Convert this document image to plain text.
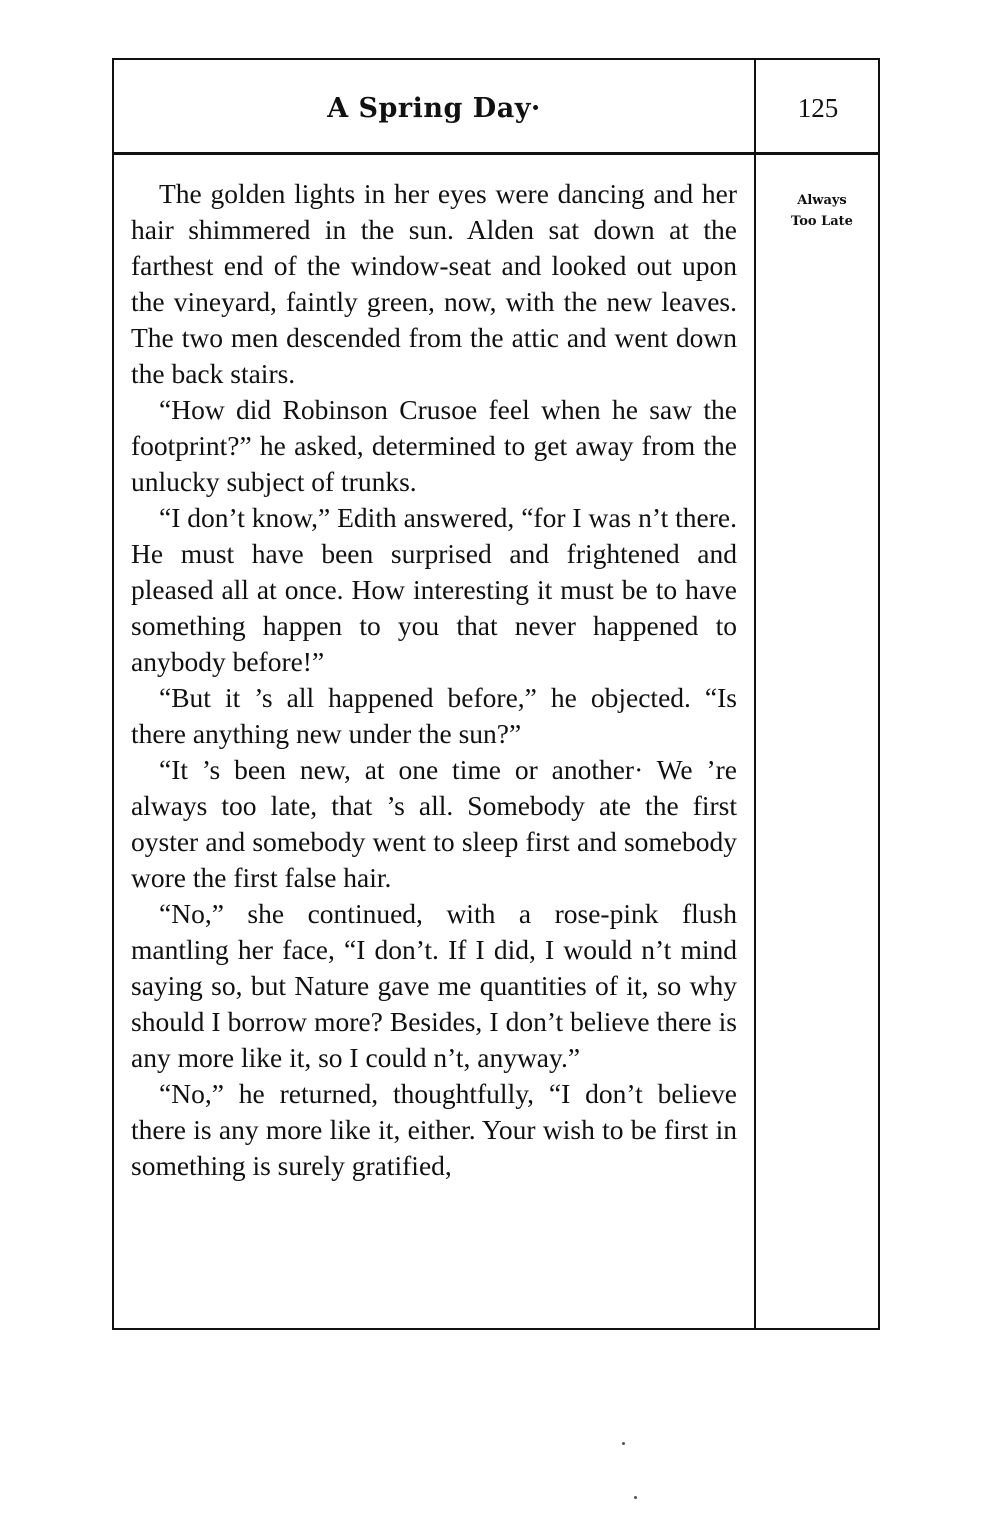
A Spring Day·	125
Always
Too Late

The golden lights in her eyes were dancing and her hair shimmered in the sun. Alden sat down at the farthest end of the window-seat and looked out upon the vineyard, faintly green, now, with the new leaves. The two men descended from the attic and went down the back stairs.

“How did Robinson Crusoe feel when he saw the footprint?” he asked, determined to get away from the unlucky subject of trunks.

“I don’t know,” Edith answered, “for I was n’t there. He must have been surprised and frightened and pleased all at once. How interesting it must be to have something happen to you that never happened to anybody before!”

“But it ’s all happened before,” he objected. “Is there anything new under the sun?”

“It ’s been new, at one time or another· We ’re always too late, that ’s all. Somebody ate the first oyster and somebody went to sleep first and somebody wore the first false hair.

“No,” she continued, with a rose-pink flush mantling her face, “I don’t. If I did, I would n’t mind saying so, but Nature gave me quantities of it, so why should I borrow more? Besides, I don’t believe there is any more like it, so I could n’t, anyway.”

“No,” he returned, thoughtfully, “I don’t believe there is any more like it, either. Your wish to be first in something is surely gratified,
